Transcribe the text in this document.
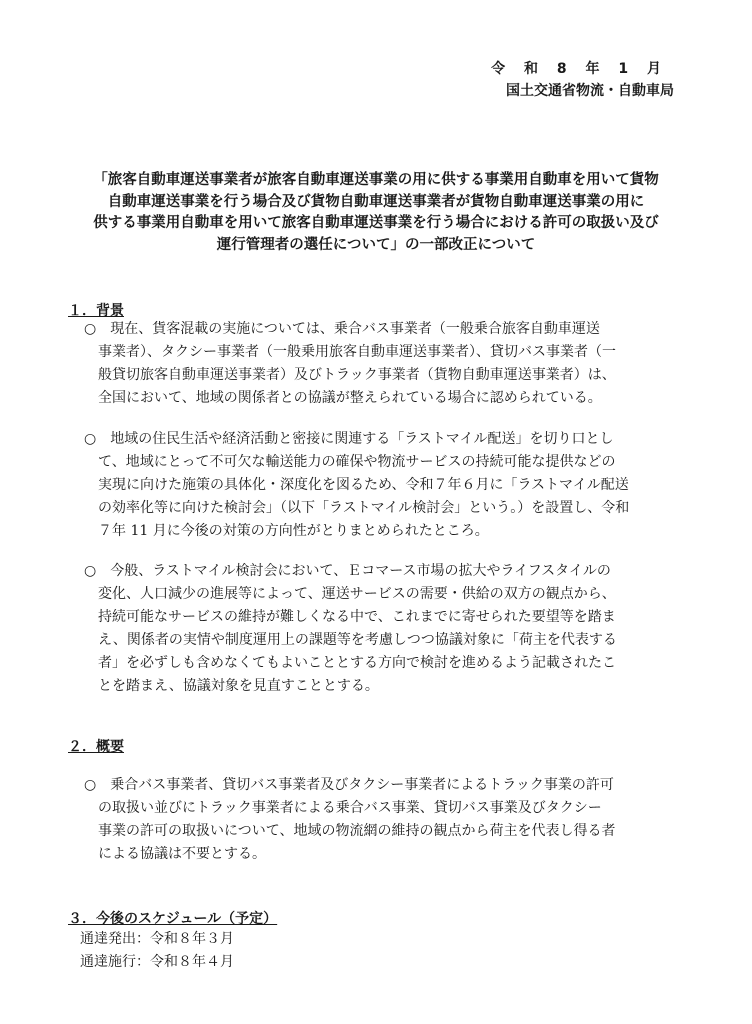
令 和 8 年 1 月
国土交通省物流・自動車局
「旅客自動車運送事業者が旅客自動車運送事業の用に供する事業用自動車を用いて貨物
自動車運送事業を行う場合及び貨物自動車運送事業者が貨物自動車運送事業の用に
供する事業用自動車を用いて旅客自動車運送事業を行う場合における許可の取扱い及び
運行管理者の選任について」の一部改正について
１．背景
○　現在、貨客混載の実施については、乗合バス事業者（一般乗合旅客自動車運送
事業者）、タクシー事業者（一般乗用旅客自動車運送事業者）、貸切バス事業者（一
般貸切旅客自動車運送事業者）及びトラック事業者（貨物自動車運送事業者）は、
全国において、地域の関係者との協議が整えられている場合に認められている。
○　地域の住民生活や経済活動と密接に関連する「ラストマイル配送」を切り口とし
て、地域にとって不可欠な輸送能力の確保や物流サービスの持続可能な提供などの
実現に向けた施策の具体化・深度化を図るため、令和７年６月に「ラストマイル配送
の効率化等に向けた検討会」（以下「ラストマイル検討会」という。）を設置し、令和
７年 11 月に今後の対策の方向性がとりまとめられたところ。
○　今般、ラストマイル検討会において、Ｅコマース市場の拡大やライフスタイルの
変化、人口減少の進展等によって、運送サービスの需要・供給の双方の観点から、
持続可能なサービスの維持が難しくなる中で、これまでに寄せられた要望等を踏ま
え、関係者の実情や制度運用上の課題等を考慮しつつ協議対象に「荷主を代表する
者」を必ずしも含めなくてもよいこととする方向で検討を進めるよう記載されたこ
とを踏まえ、協議対象を見直すこととする。
２．概要
○　乗合バス事業者、貸切バス事業者及びタクシー事業者によるトラック事業の許可
の取扱い並びにトラック事業者による乗合バス事業、貸切バス事業及びタクシー
事業の許可の取扱いについて、地域の物流網の維持の観点から荷主を代表し得る者
による協議は不要とする。
３．今後のスケジュール（予定）
通達発出：令和８年３月
通達施行：令和８年４月
